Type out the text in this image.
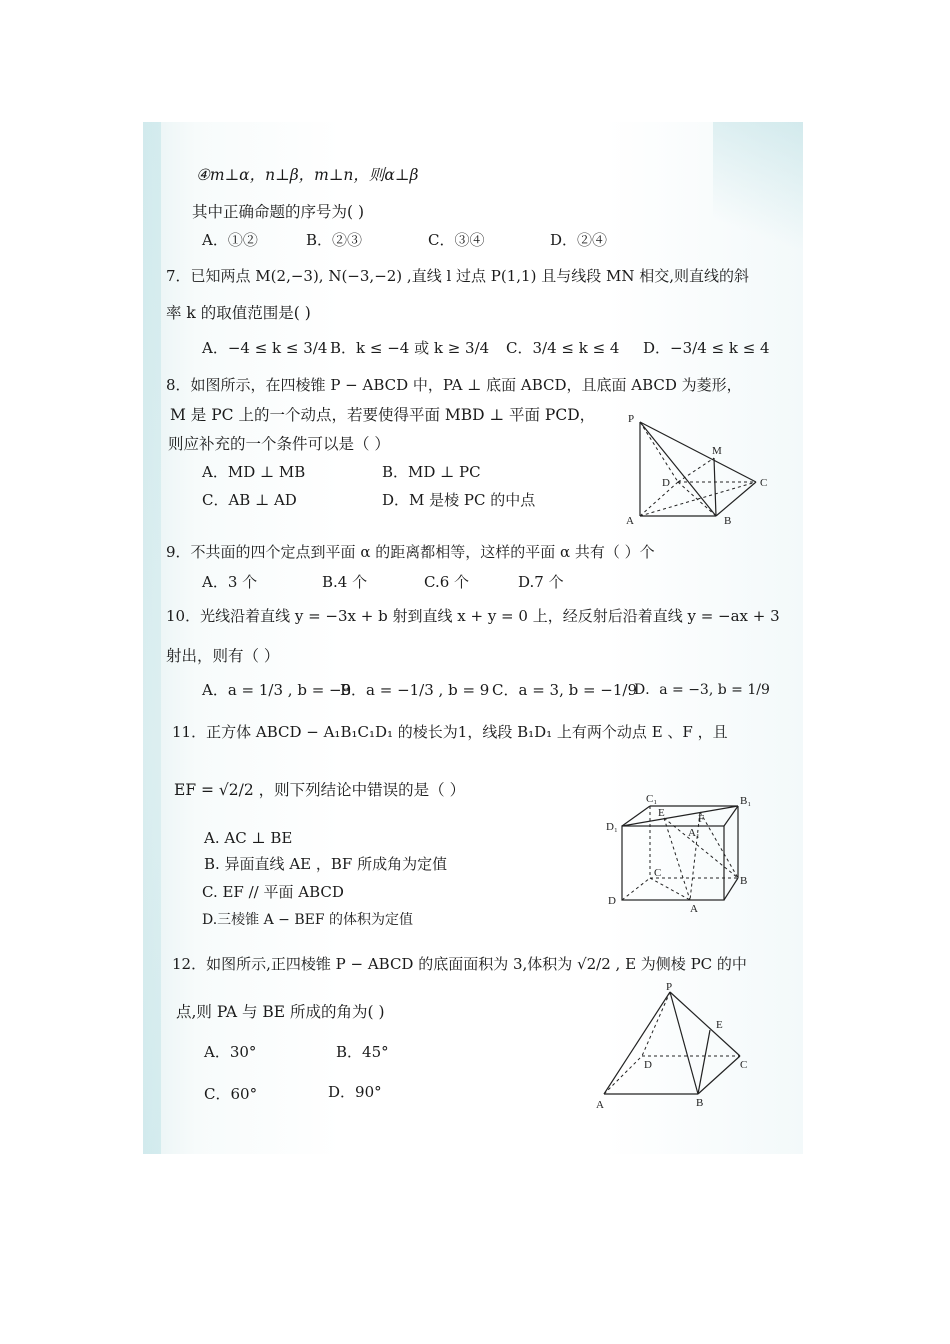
④m⊥α，n⊥β，m⊥n，则α⊥β
其中正确命题的序号为( )
A．①②	B．②③	C．③④	D．②④
7．已知两点 M(2,−3), N(−3,−2) ,直线 l 过点 P(1,1) 且与线段 MN 相交,则直线的斜
率 k 的取值范围是( )
A．−4 ≤ k ≤ 3/4 B．k ≤ −4 或 k ≥ 3/4 C．3/4 ≤ k ≤ 4 D．−3/4 ≤ k ≤ 4
8．如图所示，在四棱锥 P − ABCD 中，PA ⊥ 底面 ABCD，且底面 ABCD 为菱形，
M 是 PC 上的一个动点，若要使得平面 MBD ⊥ 平面 PCD，
则应补充的一个条件可以是（ ）
A．MD ⊥ MB	B．MD ⊥ PC
C．AB ⊥ AD	D．M 是棱 PC 的中点
P
M
D	C
A	B
9．不共面的四个定点到平面 α 的距离都相等，这样的平面 α 共有（ ）个
A．3 个	B.4 个	C.6 个	D.7 个
10．光线沿着直线 y = −3x + b 射到直线 x + y = 0 上，经反射后沿着直线 y = −ax + 3
射出，则有（ ）
A．a = 1/3 , b = −9
B．a = −1/3 , b = 9 C．a = 3, b = −1/9
D．a = −3, b = 1/9
11．正方体 ABCD − A₁B₁C₁D₁ 的棱长为1，线段 B₁D₁ 上有两个动点 E 、F ，且
EF = √2/2 ，则下列结论中错误的是（ ）
A. AC ⊥ BE
B. 异面直线 AE ，BF 所成角为定值
C. EF // 平面 ABCD
D.三棱锥 A − BEF 的体积为定值
C₁	B₁
D₁
E	F
A₁
C
B
D
A
12．如图所示,正四棱锥 P − ABCD 的底面面积为 3,体积为 √2/2 , E 为侧棱 PC 的中
点,则 PA 与 BE 所成的角为( )
A．30°	B．45°
C．60°	D．90°
P
E
D	C
A	B
